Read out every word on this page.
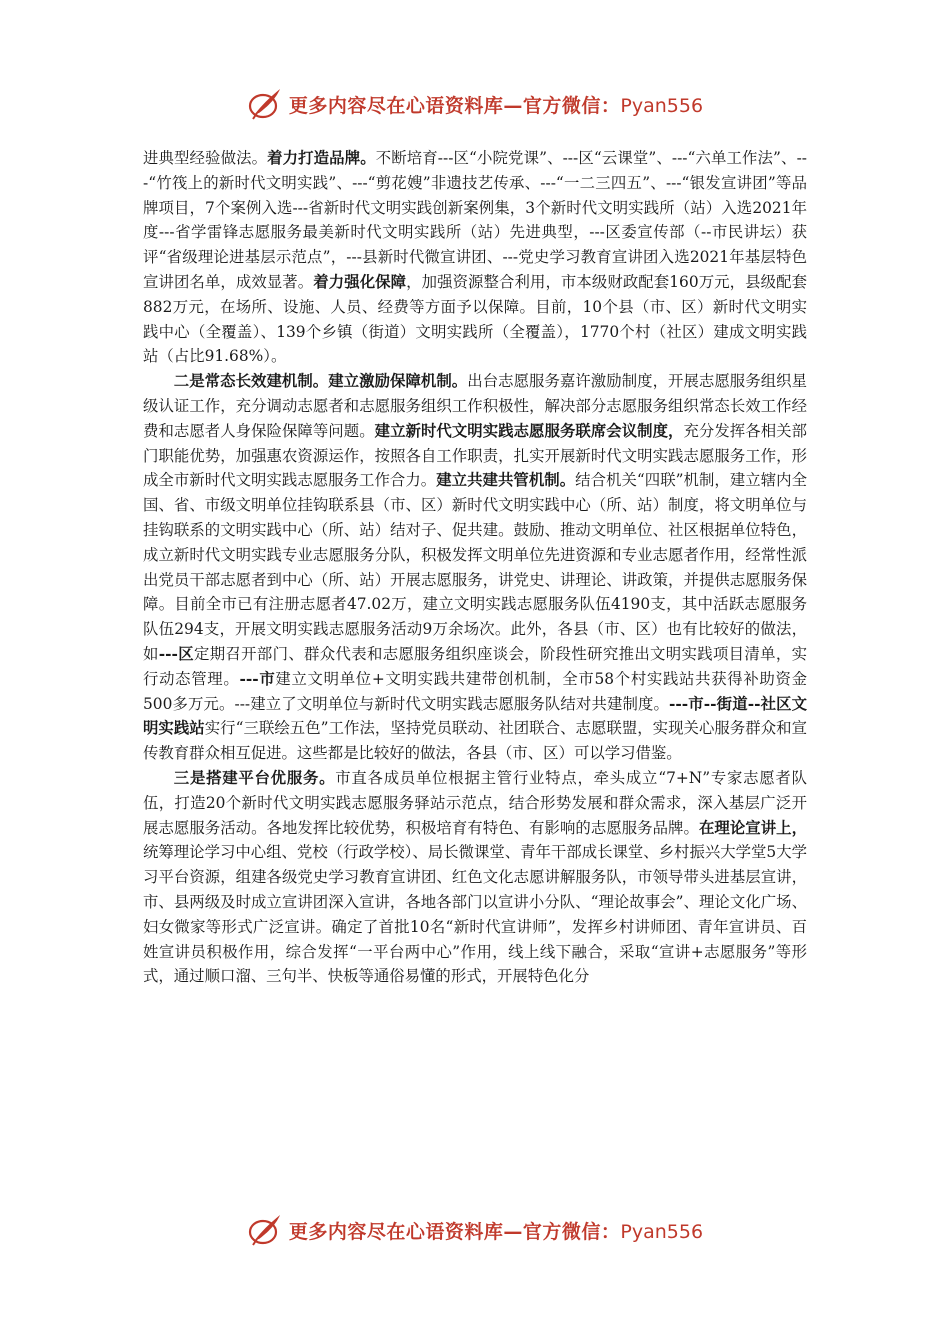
更多内容尽在心语资料库—官方微信：Pyan556

进典型经验做法。着力打造品牌。不断培育---区“小院党课”、---区“云课堂”、---“六单工作法”、---“竹筏上的新时代文明实践”、---“剪花嫂”非遗技艺传承、---“一二三四五”、---“银发宣讲团”等品牌项目，7个案例入选---省新时代文明实践创新案例集，3个新时代文明实践所（站）入选2021年度---省学雷锋志愿服务最美新时代文明实践所（站）先进典型，---区委宣传部（--市民讲坛）获评“省级理论进基层示范点”，---县新时代微宣讲团、---党史学习教育宣讲团入选2021年基层特色宣讲团名单，成效显著。着力强化保障，加强资源整合利用，市本级财政配套160万元，县级配套882万元，在场所、设施、人员、经费等方面予以保障。目前，10个县（市、区）新时代文明实践中心（全覆盖）、139个乡镇（街道）文明实践所（全覆盖），1770个村（社区）建成文明实践站（占比91.68%）。

二是常态长效建机制。建立激励保障机制。出台志愿服务嘉许激励制度，开展志愿服务组织星级认证工作，充分调动志愿者和志愿服务组织工作积极性，解决部分志愿服务组织常态长效工作经费和志愿者人身保险保障等问题。建立新时代文明实践志愿服务联席会议制度，充分发挥各相关部门职能优势，加强惠农资源运作，按照各自工作职责，扎实开展新时代文明实践志愿服务工作，形成全市新时代文明实践志愿服务工作合力。建立共建共管机制。结合机关“四联”机制，建立辖内全国、省、市级文明单位挂钩联系县（市、区）新时代文明实践中心（所、站）制度，将文明单位与挂钩联系的文明实践中心（所、站）结对子、促共建。鼓励、推动文明单位、社区根据单位特色，成立新时代文明实践专业志愿服务分队，积极发挥文明单位先进资源和专业志愿者作用，经常性派出党员干部志愿者到中心（所、站）开展志愿服务，讲党史、讲理论、讲政策，并提供志愿服务保障。目前全市已有注册志愿者47.02万，建立文明实践志愿服务队伍4190支，其中活跃志愿服务队伍294支，开展文明实践志愿服务活动9万余场次。此外，各县（市、区）也有比较好的做法，如---区定期召开部门、群众代表和志愿服务组织座谈会，阶段性研究推出文明实践项目清单，实行动态管理。---市建立文明单位+文明实践共建带创机制，全市58个村实践站共获得补助资金500多万元。---建立了文明单位与新时代文明实践志愿服务队结对共建制度。---市--街道--社区文明实践站实行“三联绘五色”工作法，坚持党员联动、社团联合、志愿联盟，实现关心服务群众和宣传教育群众相互促进。这些都是比较好的做法，各县（市、区）可以学习借鉴。

三是搭建平台优服务。市直各成员单位根据主管行业特点，牵头成立“7+N”专家志愿者队伍，打造20个新时代文明实践志愿服务驿站示范点，结合形势发展和群众需求，深入基层广泛开展志愿服务活动。各地发挥比较优势，积极培育有特色、有影响的志愿服务品牌。在理论宣讲上，统筹理论学习中心组、党校（行政学校）、局长微课堂、青年干部成长课堂、乡村振兴大学堂5大学习平台资源，组建各级党史学习教育宣讲团、红色文化志愿讲解服务队，市领导带头进基层宣讲，市、县两级及时成立宣讲团深入宣讲，各地各部门以宣讲小分队、“理论故事会”、理论文化广场、妇女微家等形式广泛宣讲。确定了首批10名“新时代宣讲师”，发挥乡村讲师团、青年宣讲员、百姓宣讲员积极作用，综合发挥“一平台两中心”作用，线上线下融合，采取“宣讲+志愿服务”等形式，通过顺口溜、三句半、快板等通俗易懂的形式，开展特色化分

更多内容尽在心语资料库—官方微信：Pyan556
